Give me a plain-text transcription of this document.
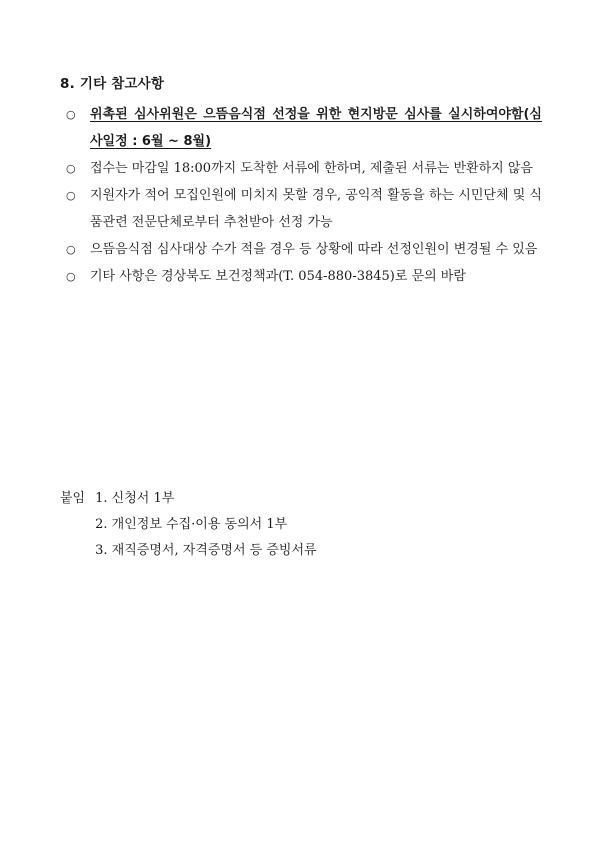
8. 기타 참고사항
○ 위촉된 심사위원은 으뜸음식점 선정을 위한 현지방문 심사를 실시하여야함(심사일정 : 6월 ~ 8월)
○ 접수는 마감일 18:00까지 도착한 서류에 한하며, 제출된 서류는 반환하지 않음
○ 지원자가 적어 모집인원에 미치지 못할 경우, 공익적 활동을 하는 시민단체 및 식품관련 전문단체로부터 추천받아 선정 가능
○ 으뜸음식점 심사대상 수가 적을 경우 등 상황에 따라 선정인원이 변경될 수 있음
○ 기타 사항은 경상북도 보건정책과(T. 054-880-3845)로 문의 바람
붙임 1. 신청서 1부
2. 개인정보 수집·이용 동의서 1부
3. 재직증명서, 자격증명서 등 증빙서류
